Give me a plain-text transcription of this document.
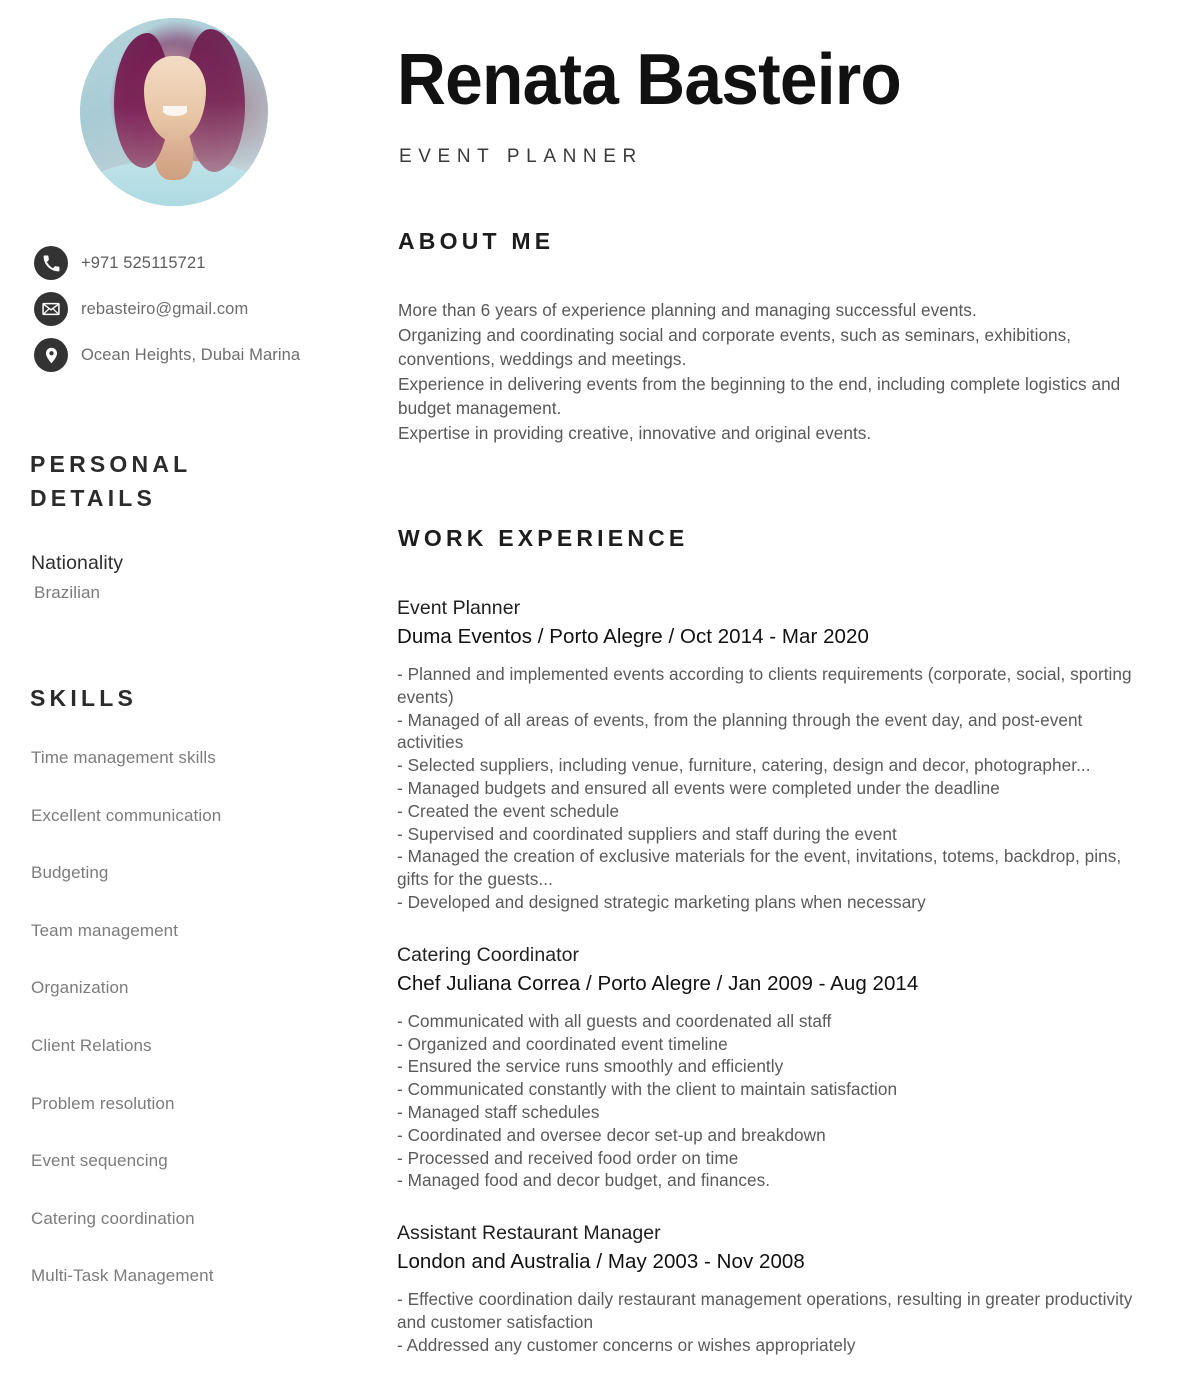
+971 525115721
rebasteiro@gmail.com
Ocean Heights, Dubai Marina
PERSONAL
DETAILS
Nationality
Brazilian
SKILLS
Time management skills
Excellent communication
Budgeting
Team management
Organization
Client Relations
Problem resolution
Event sequencing
Catering coordination
Multi-Task Management
Renata Basteiro
EVENT PLANNER
ABOUT ME
More than 6 years of experience planning and managing successful events.
Organizing and coordinating social and corporate events, such as seminars, exhibitions, conventions, weddings and meetings.
Experience in delivering events from the beginning to the end, including complete logistics and budget management.
Expertise in providing creative, innovative and original events.
WORK EXPERIENCE
Event Planner
Duma Eventos / Porto Alegre / Oct 2014 - Mar 2020
- Planned and implemented events according to clients requirements (corporate, social, sporting events)
- Managed of all areas of events, from the planning through the event day, and post-event activities
- Selected suppliers, including venue, furniture, catering, design and decor, photographer...
- Managed budgets and ensured all events were completed under the deadline
- Created the event schedule
- Supervised and coordinated suppliers and staff during the event
- Managed the creation of exclusive materials for the event, invitations, totems, backdrop, pins, gifts for the guests...
- Developed and designed strategic marketing plans when necessary
Catering Coordinator
Chef Juliana Correa / Porto Alegre / Jan 2009 - Aug 2014
- Communicated with all guests and coordenated all staff
- Organized and coordinated event timeline
- Ensured the service runs smoothly and efficiently
- Communicated constantly with the client to maintain satisfaction
- Managed staff schedules
- Coordinated and oversee decor set-up and breakdown
- Processed and received food order on time
- Managed food and decor budget, and finances.
Assistant Restaurant Manager
London and Australia / May 2003 - Nov 2008
- Effective coordination daily restaurant management operations, resulting in greater productivity and customer satisfaction
- Addressed any customer concerns or wishes appropriately
